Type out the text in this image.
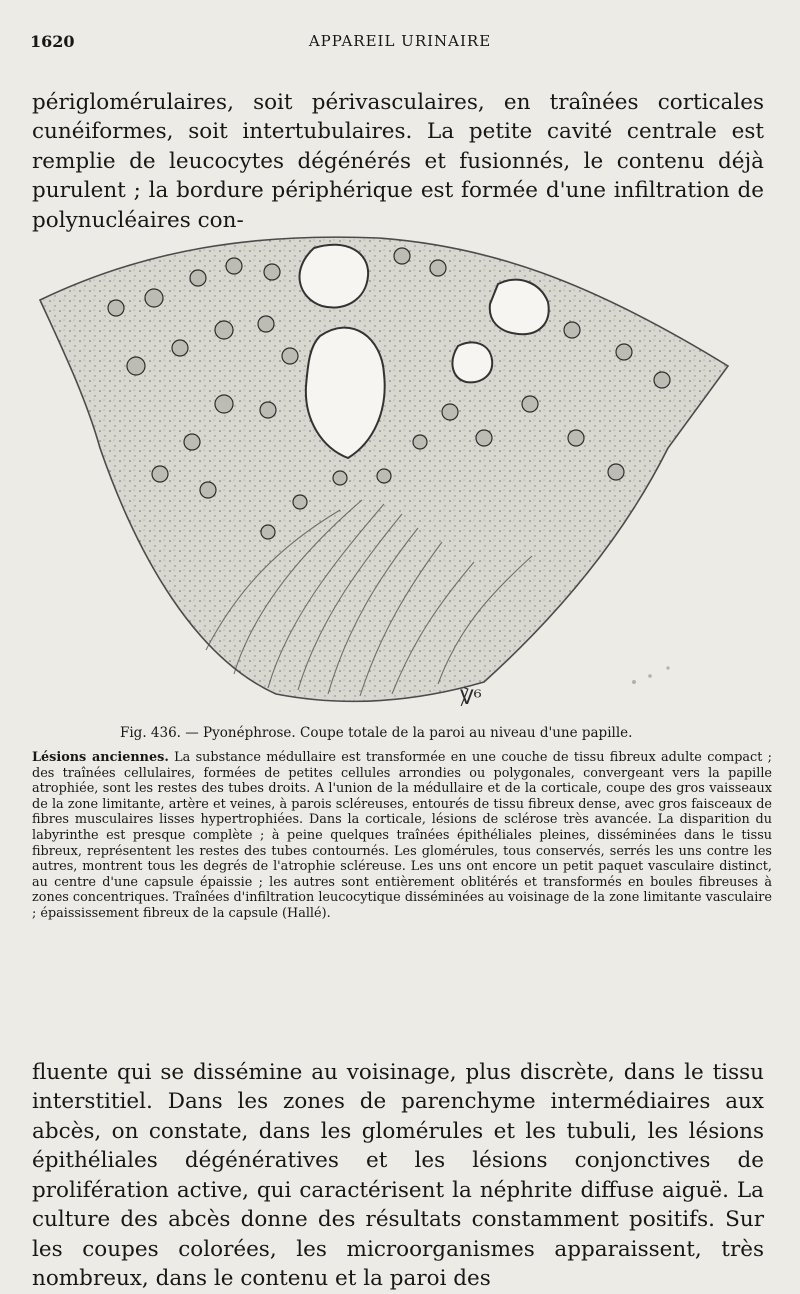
1620	APPAREIL URINAIRE

périglomérulaires, soit périvasculaires, en traînées corticales cunéiformes, soit intertubulaires. La petite cavité centrale est remplie de leucocytes dégénérés et fusionnés, le contenu déjà purulent ; la bordure périphérique est formée d'une infiltration de polynucléaires con-

℣⁶
Fig. 436. — Pyonéphrose. Coupe totale de la paroi au niveau d'une papille.
Lésions anciennes. La substance médullaire est transformée en une couche de tissu fibreux adulte compact ; des traînées cellulaires, formées de petites cellules arrondies ou polygonales, convergeant vers la papille atrophiée, sont les restes des tubes droits. A l'union de la médullaire et de la corticale, coupe des gros vaisseaux de la zone limitante, artère et veines, à parois scléreuses, entourés de tissu fibreux dense, avec gros faisceaux de fibres musculaires lisses hypertrophiées. Dans la corticale, lésions de sclérose très avancée. La disparition du labyrinthe est presque complète ; à peine quelques traînées épithéliales pleines, disséminées dans le tissu fibreux, représentent les restes des tubes contournés. Les glomérules, tous conservés, serrés les uns contre les autres, montrent tous les degrés de l'atrophie scléreuse. Les uns ont encore un petit paquet vasculaire distinct, au centre d'une capsule épaissie ; les autres sont entièrement oblitérés et transformés en boules fibreuses à zones concentriques. Traînées d'infiltration leucocytique disséminées au voisinage de la zone limitante vasculaire ; épaississement fibreux de la capsule (Hallé).

fluente qui se dissémine au voisinage, plus discrète, dans le tissu interstitiel. Dans les zones de parenchyme intermédiaires aux abcès, on constate, dans les glomérules et les tubuli, les lésions épithéliales dégénératives et les lésions conjonctives de prolifération active, qui caractérisent la néphrite diffuse aiguë. La culture des abcès donne des résultats constamment positifs. Sur les coupes colorées, les microorganismes apparaissent, très nombreux, dans le contenu et la paroi des
